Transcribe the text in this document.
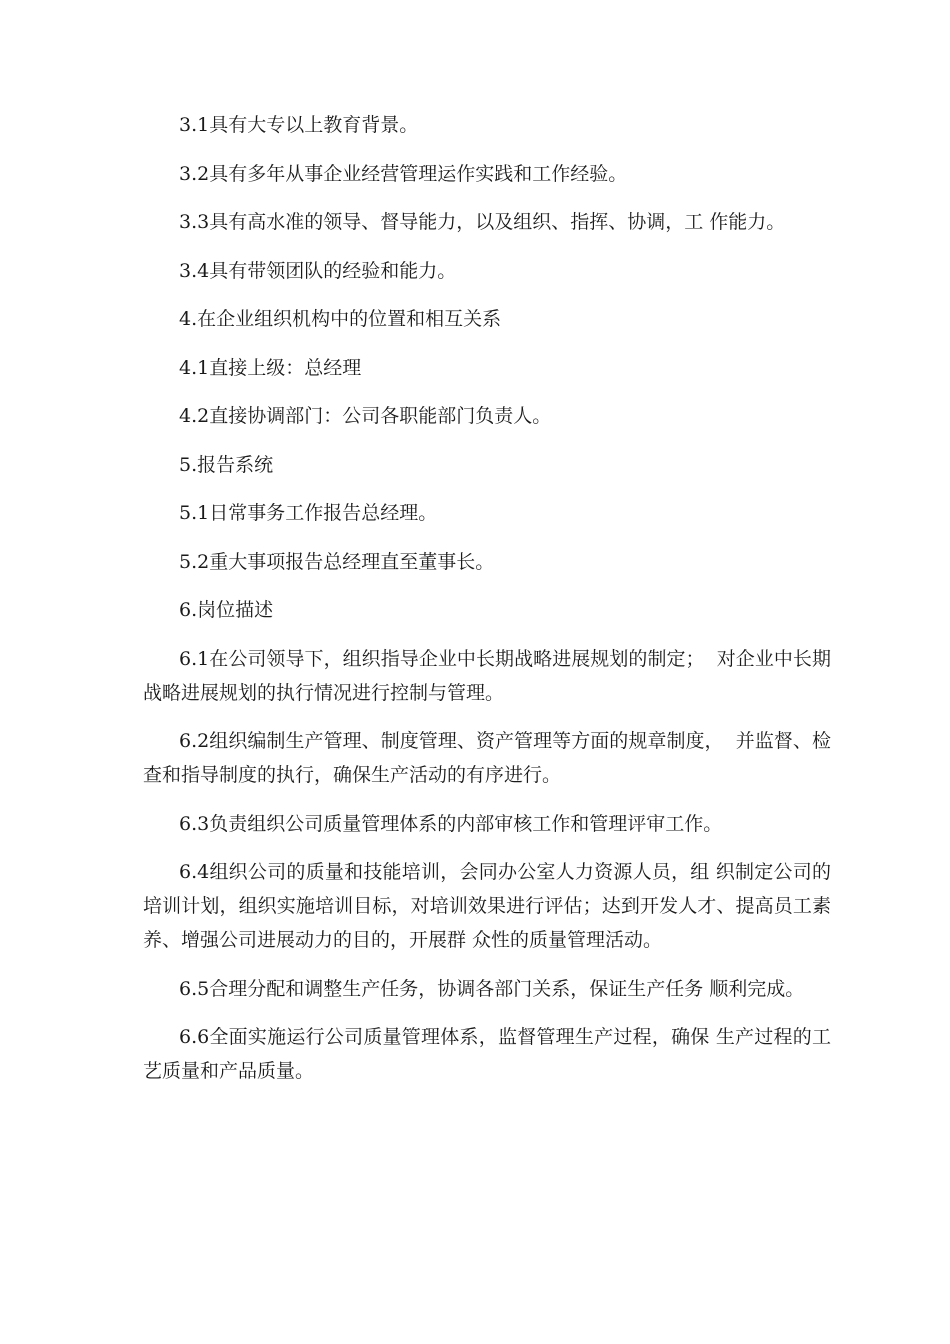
3.1具有大专以上教育背景。

3.2具有多年从事企业经营管理运作实践和工作经验。

3.3具有高水准的领导、督导能力，以及组织、指挥、协调，工 作能力。

3.4具有带领团队的经验和能力。

4.在企业组织机构中的位置和相互关系

4.1直接上级：总经理

4.2直接协调部门：公司各职能部门负责人。

5.报告系统

5.1日常事务工作报告总经理。

5.2重大事项报告总经理直至董事长。

6.岗位描述

6.1在公司领导下，组织指导企业中长期战略进展规划的制定；  对企业中长期战略进展规划的执行情况进行控制与管理。

6.2组织编制生产管理、制度管理、资产管理等方面的规章制度，  并监督、检查和指导制度的执行，确保生产活动的有序进行。

6.3负责组织公司质量管理体系的内部审核工作和管理评审工作。

6.4组织公司的质量和技能培训，会同办公室人力资源人员，组 织制定公司的培训计划，组织实施培训目标，对培训效果进行评估；达到开发人才、提高员工素养、增强公司进展动力的目的，开展群 众性的质量管理活动。

6.5合理分配和调整生产任务，协调各部门关系，保证生产任务 顺利完成。

6.6全面实施运行公司质量管理体系，监督管理生产过程，确保 生产过程的工艺质量和产品质量。
